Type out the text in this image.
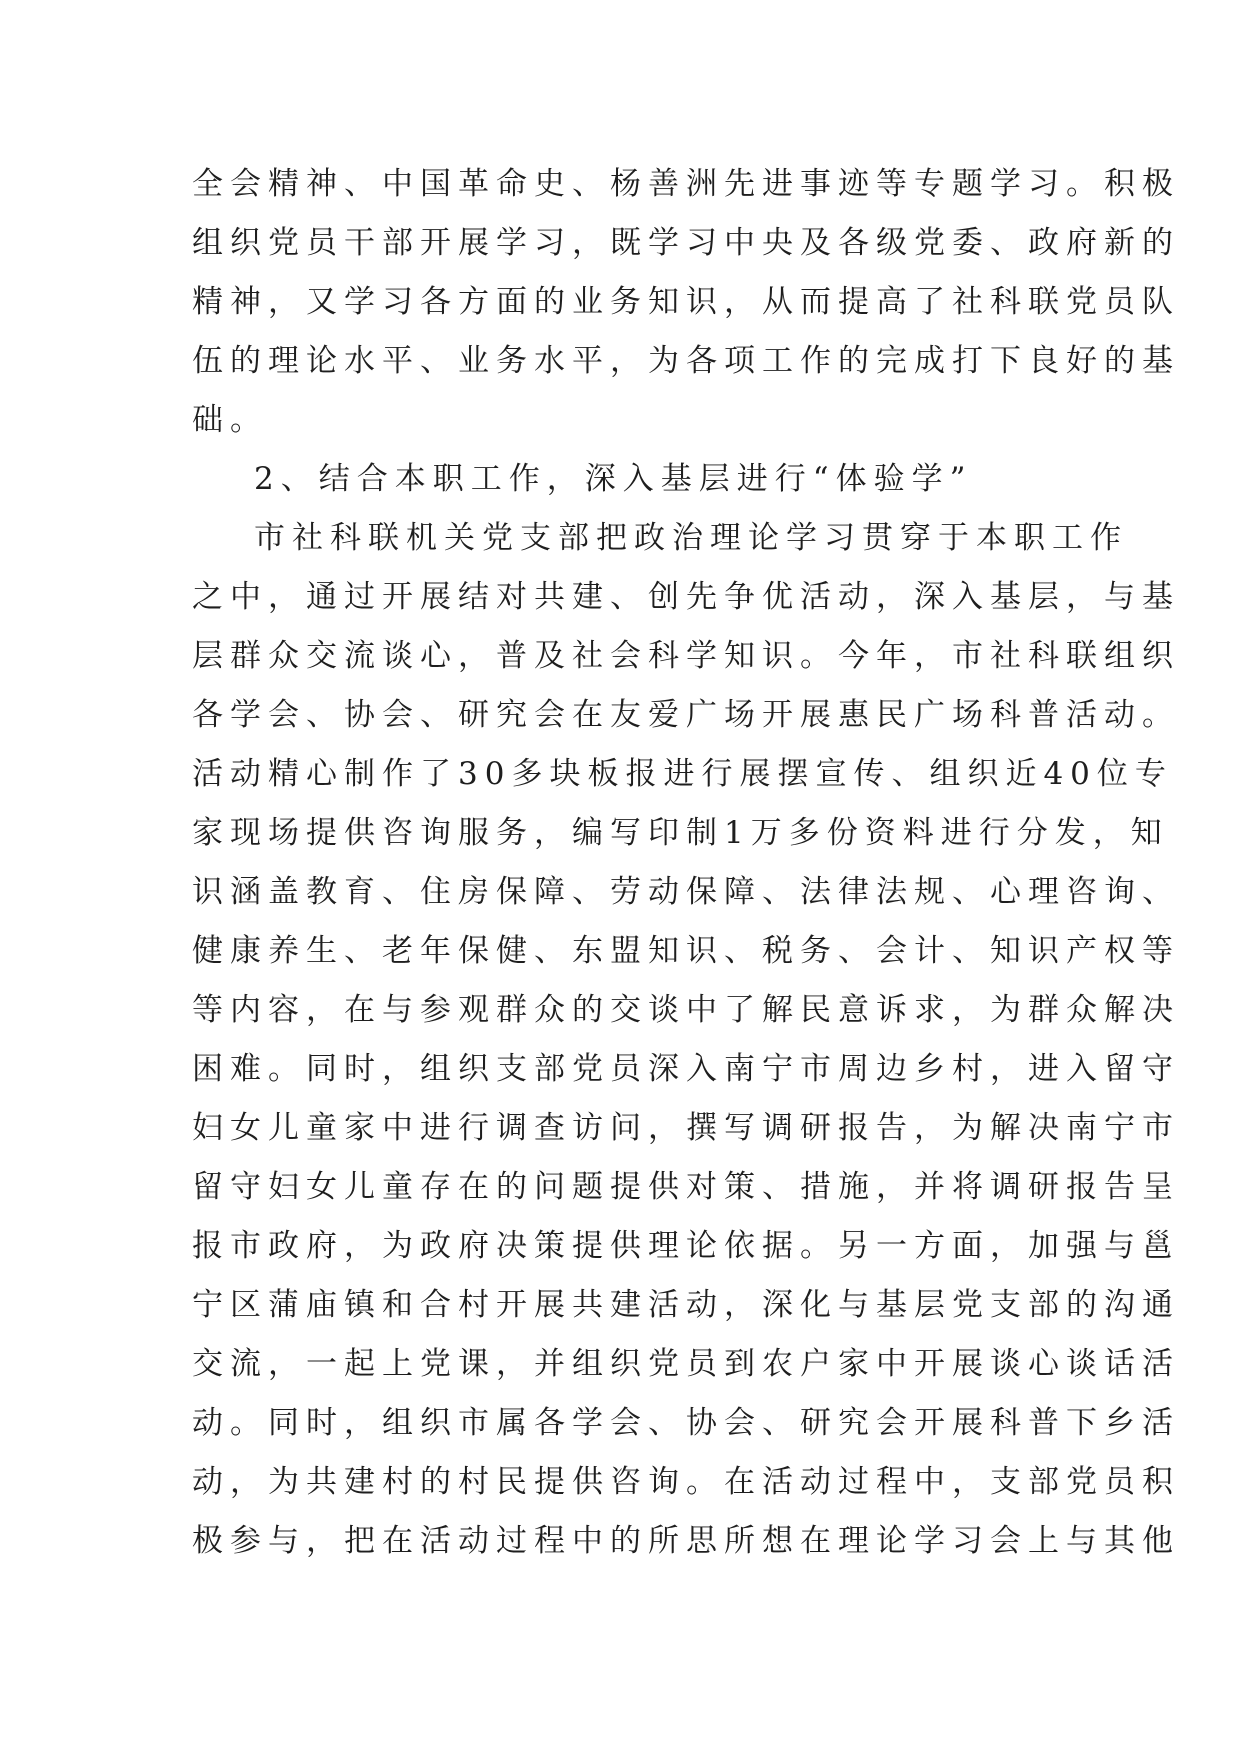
全会精神、中国革命史、杨善洲先进事迹等专题学习。积极
组织党员干部开展学习，既学习中央及各级党委、政府新的
精神，又学习各方面的业务知识，从而提高了社科联党员队
伍的理论水平、业务水平，为各项工作的完成打下良好的基
础。
2、结合本职工作，深入基层进行“体验学”
市社科联机关党支部把政治理论学习贯穿于本职工作
之中，通过开展结对共建、创先争优活动，深入基层，与基
层群众交流谈心，普及社会科学知识。今年，市社科联组织
各学会、协会、研究会在友爱广场开展惠民广场科普活动。
活动精心制作了30多块板报进行展摆宣传、组织近40位专
家现场提供咨询服务，编写印制1万多份资料进行分发，知
识涵盖教育、住房保障、劳动保障、法律法规、心理咨询、
健康养生、老年保健、东盟知识、税务、会计、知识产权等
等内容，在与参观群众的交谈中了解民意诉求，为群众解决
困难。同时，组织支部党员深入南宁市周边乡村，进入留守
妇女儿童家中进行调查访问，撰写调研报告，为解决南宁市
留守妇女儿童存在的问题提供对策、措施，并将调研报告呈
报市政府，为政府决策提供理论依据。另一方面，加强与邕
宁区蒲庙镇和合村开展共建活动，深化与基层党支部的沟通
交流，一起上党课，并组织党员到农户家中开展谈心谈话活
动。同时，组织市属各学会、协会、研究会开展科普下乡活
动，为共建村的村民提供咨询。在活动过程中，支部党员积
极参与，把在活动过程中的所思所想在理论学习会上与其他
